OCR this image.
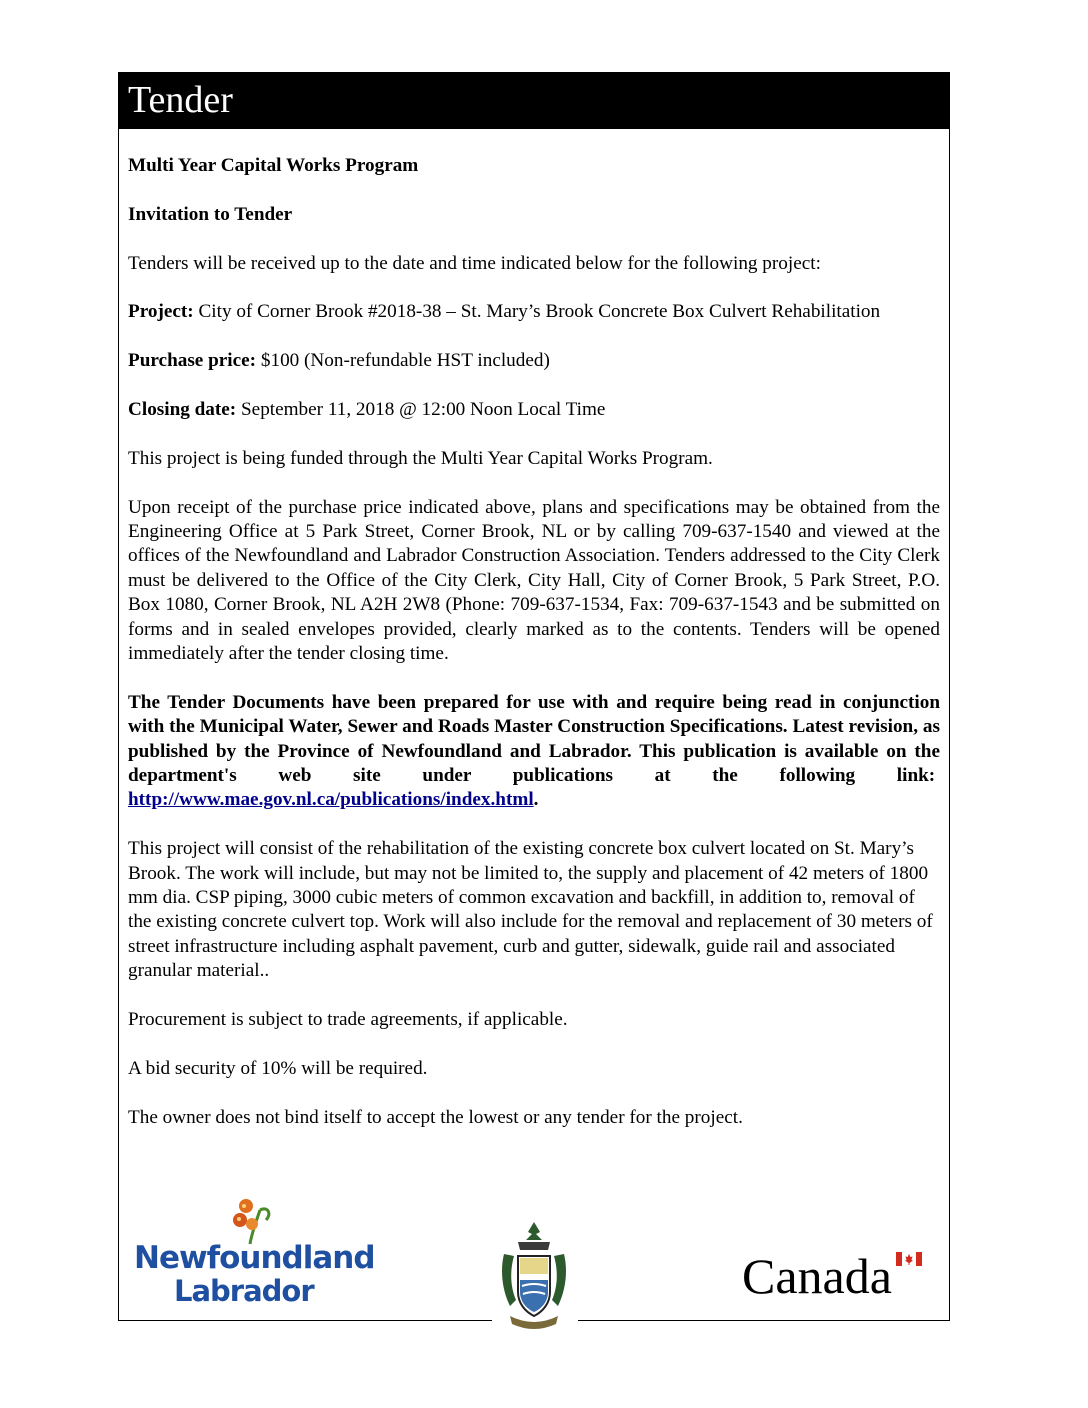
Tender

Multi Year Capital Works Program

Invitation to Tender

Tenders will be received up to the date and time indicated below for the following project:

Project: City of Corner Brook #2018-38 – St. Mary’s Brook Concrete Box Culvert Rehabilitation

Purchase price: $100 (Non-refundable HST included)

Closing date: September 11, 2018 @ 12:00 Noon Local Time

This project is being funded through the Multi Year Capital Works Program.

Upon receipt of the purchase price indicated above, plans and specifications may be obtained from the Engineering Office at 5 Park Street, Corner Brook, NL or by calling 709-637-1540 and viewed at the offices of the Newfoundland and Labrador Construction Association. Tenders addressed to the City Clerk must be delivered to the Office of the City Clerk, City Hall, City of Corner Brook, 5 Park Street, P.O. Box 1080, Corner Brook, NL A2H 2W8 (Phone: 709-637-1534, Fax: 709-637-1543 and be submitted on forms and in sealed envelopes provided, clearly marked as to the contents. Tenders will be opened immediately after the tender closing time.

The Tender Documents have been prepared for use with and require being read in conjunction with the Municipal Water, Sewer and Roads Master Construction Specifications. Latest revision, as published by the Province of Newfoundland and Labrador. This publication is available on the department's web site under publications at the following link:  http://www.mae.gov.nl.ca/publications/index.html.

This project will consist of the rehabilitation of the existing concrete box culvert located on St. Mary’s Brook. The work will include, but may not be limited to, the supply and placement of 42 meters of 1800 mm dia. CSP piping, 3000 cubic meters of common excavation and backfill, in addition to, removal of the existing concrete culvert top. Work will also include for the removal and replacement of 30 meters of street infrastructure including asphalt pavement, curb and gutter, sidewalk, guide rail and associated granular material..

Procurement is subject to trade agreements, if applicable.

A bid security of 10% will be required.

The owner does not bind itself to accept the lowest or any tender for the project.

Newfoundland
Labrador	Canada
